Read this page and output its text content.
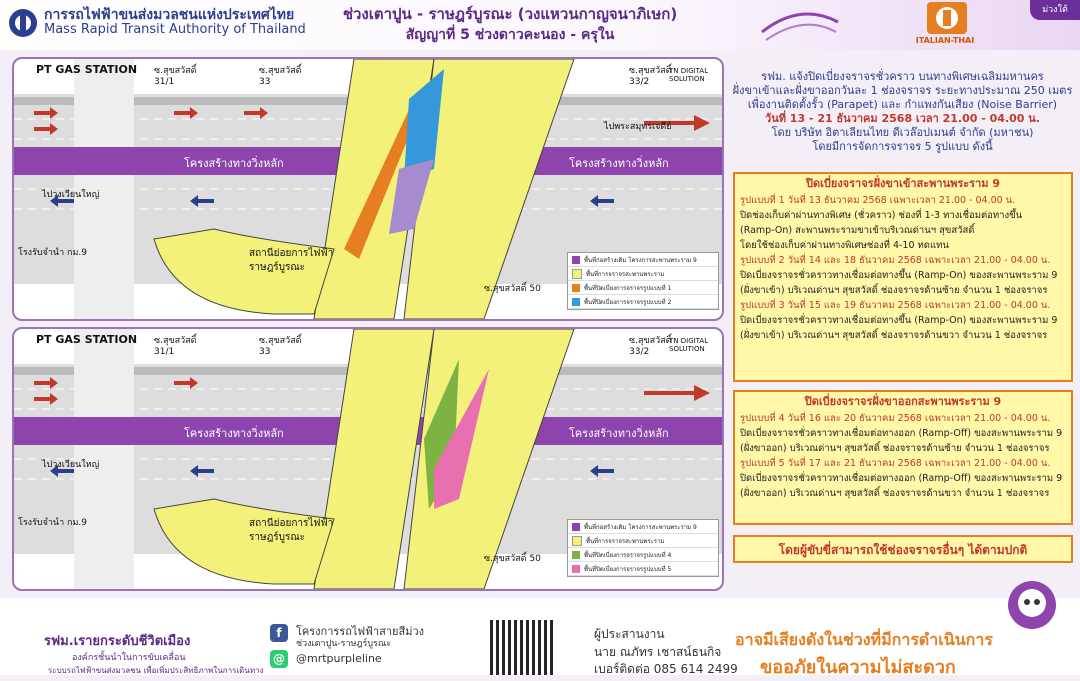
การรถไฟฟ้าขนส่งมวลชนแห่งประเทศไทย
Mass Rapid Transit Authority of Thailand
ช่วงเตาปูน - ราษฎร์บูรณะ (วงแหวนกาญจนาภิเษก)
สัญญาที่ 5 ช่วงดาวคะนอง - ครุใน	ITALIAN-THAI
ม่วงใต้
PT GAS STATION ซ.สุขสวัสดิ์ 31/1
ซ.สุขสวัสดิ์ 33
ซ.สุขสวัสดิ์ 33/2
TN DIGITAL SOLUTION
โครงสร้างทางวิ่งหลัก	โครงสร้างทางวิ่งหลัก
ไปพระสมุทรเจดีย์
ไปวงเวียนใหญ่
โรงรับจำนำ กม.9	สถานีย่อยการไฟฟ้าราษฎร์บูรณะ
ซ.สุขสวัสดิ์ 50
พื้นที่ก่อสร้างเดิม โครงการสะพานพระราม 9
พื้นที่การจราจรสะพานพระราม
พื้นที่ปิดเบี่ยงการจราจรรูปแบบที่ 1
พื้นที่ปิดเบี่ยงการจราจรรูปแบบที่ 2
PT GAS STATION ซ.สุขสวัสดิ์ 31/1
ซ.สุขสวัสดิ์ 33
ซ.สุขสวัสดิ์ 33/2
TN DIGITAL SOLUTION
โครงสร้างทางวิ่งหลัก	โครงสร้างทางวิ่งหลัก
ไปวงเวียนใหญ่
โรงรับจำนำ กม.9	สถานีย่อยการไฟฟ้าราษฎร์บูรณะ
ซ.สุขสวัสดิ์ 50
พื้นที่ก่อสร้างเดิม โครงการสะพานพระราม 9
พื้นที่การจราจรสะพานพระราม
พื้นที่ปิดเบี่ยงการจราจรรูปแบบที่ 4
พื้นที่ปิดเบี่ยงการจราจรรูปแบบที่ 5
รฟม. แจ้งปิดเบี่ยงจราจรชั่วคราว บนทางพิเศษเฉลิมมหานคร
ฝั่งขาเข้าและฝั่งขาออกวันละ 1 ช่องจราจร ระยะทางประมาณ 250 เมตร
เพื่องานติดตั้งรั้ว (Parapet) และ กำแพงกันเสียง (Noise Barrier)
วันที่ 13 - 21 ธันวาคม 2568 เวลา 21.00 - 04.00 น.
โดย บริษัท อิตาเลียนไทย ดีเวล๊อปเมนต์ จำกัด (มหาชน)
โดยมีการจัดการจราจร 5 รูปแบบ ดังนี้
ปิดเบี่ยงจราจรฝั่งขาเข้าสะพานพระราม 9
รูปแบบที่ 1 วันที่ 13 ธันวาคม 2568 เฉพาะเวลา 21.00 - 04.00 น.
ปิดช่องเก็บค่าผ่านทางพิเศษ (ชั่วคราว) ช่องที่ 1-3 ทางเชื่อมต่อทางขึ้น
(Ramp-On) สะพานพระรามขาเข้าบริเวณด่านฯ สุขสวัสดิ์
โดยใช้ช่องเก็บค่าผ่านทางพิเศษช่องที่ 4-10 ทดแทน
รูปแบบที่ 2 วันที่ 14 และ 18 ธันวาคม 2568 เฉพาะเวลา 21.00 - 04.00 น.
ปิดเบี่ยงจราจรชั่วคราวทางเชื่อมต่อทางขึ้น (Ramp-On) ของสะพานพระราม 9
(ฝั่งขาเข้า) บริเวณด่านฯ สุขสวัสดิ์ ช่องจราจรด้านซ้าย จำนวน 1 ช่องจราจร
รูปแบบที่ 3 วันที่ 15 และ 19 ธันวาคม 2568 เฉพาะเวลา 21.00 - 04.00 น.
ปิดเบี่ยงจราจรชั่วคราวทางเชื่อมต่อทางขึ้น (Ramp-On) ของสะพานพระราม 9
(ฝั่งขาเข้า) บริเวณด่านฯ สุขสวัสดิ์ ช่องจราจรด้านขวา จำนวน 1 ช่องจราจร
ปิดเบี่ยงจราจรฝั่งขาออกสะพานพระราม 9
รูปแบบที่ 4 วันที่ 16 และ 20 ธันวาคม 2568 เฉพาะเวลา 21.00 - 04.00 น.
ปิดเบี่ยงจราจรชั่วคราวทางเชื่อมต่อทางออก (Ramp-Off) ของสะพานพระราม 9
(ฝั่งขาออก) บริเวณด่านฯ สุขสวัสดิ์ ช่องจราจรด้านซ้าย จำนวน 1 ช่องจราจร
รูปแบบที่ 5 วันที่ 17 และ 21 ธันวาคม 2568 เฉพาะเวลา 21.00 - 04.00 น.
ปิดเบี่ยงจราจรชั่วคราวทางเชื่อมต่อทางออก (Ramp-Off) ของสะพานพระราม 9
(ฝั่งขาออก) บริเวณด่านฯ สุขสวัสดิ์ ช่องจราจรด้านขวา จำนวน 1 ช่องจราจร
โดยผู้ขับขี่สามารถใช้ช่องจราจรอื่นๆ ได้ตามปกติ
รฟม.เรายกระดับชีวิตเมือง
องค์กรชั้นนำในการขับเคลื่อน
ระบบรถไฟฟ้าขนส่งมวลชน เพื่อเพิ่มประสิทธิภาพในการเดินทาง
f	โครงการรถไฟฟ้าสายสีม่วง
ช่วงเตาปูน-ราษฎร์บูรณะ
@ @mrtpurpleline
ผู้ประสานงาน
นาย ณภัทร เชาสน์ธนกิจ
เบอร์ติดต่อ 085 614 2499
อาจมีเสียงดังในช่วงที่มีการดำเนินการ
ขออภัยในความไม่สะดวก
